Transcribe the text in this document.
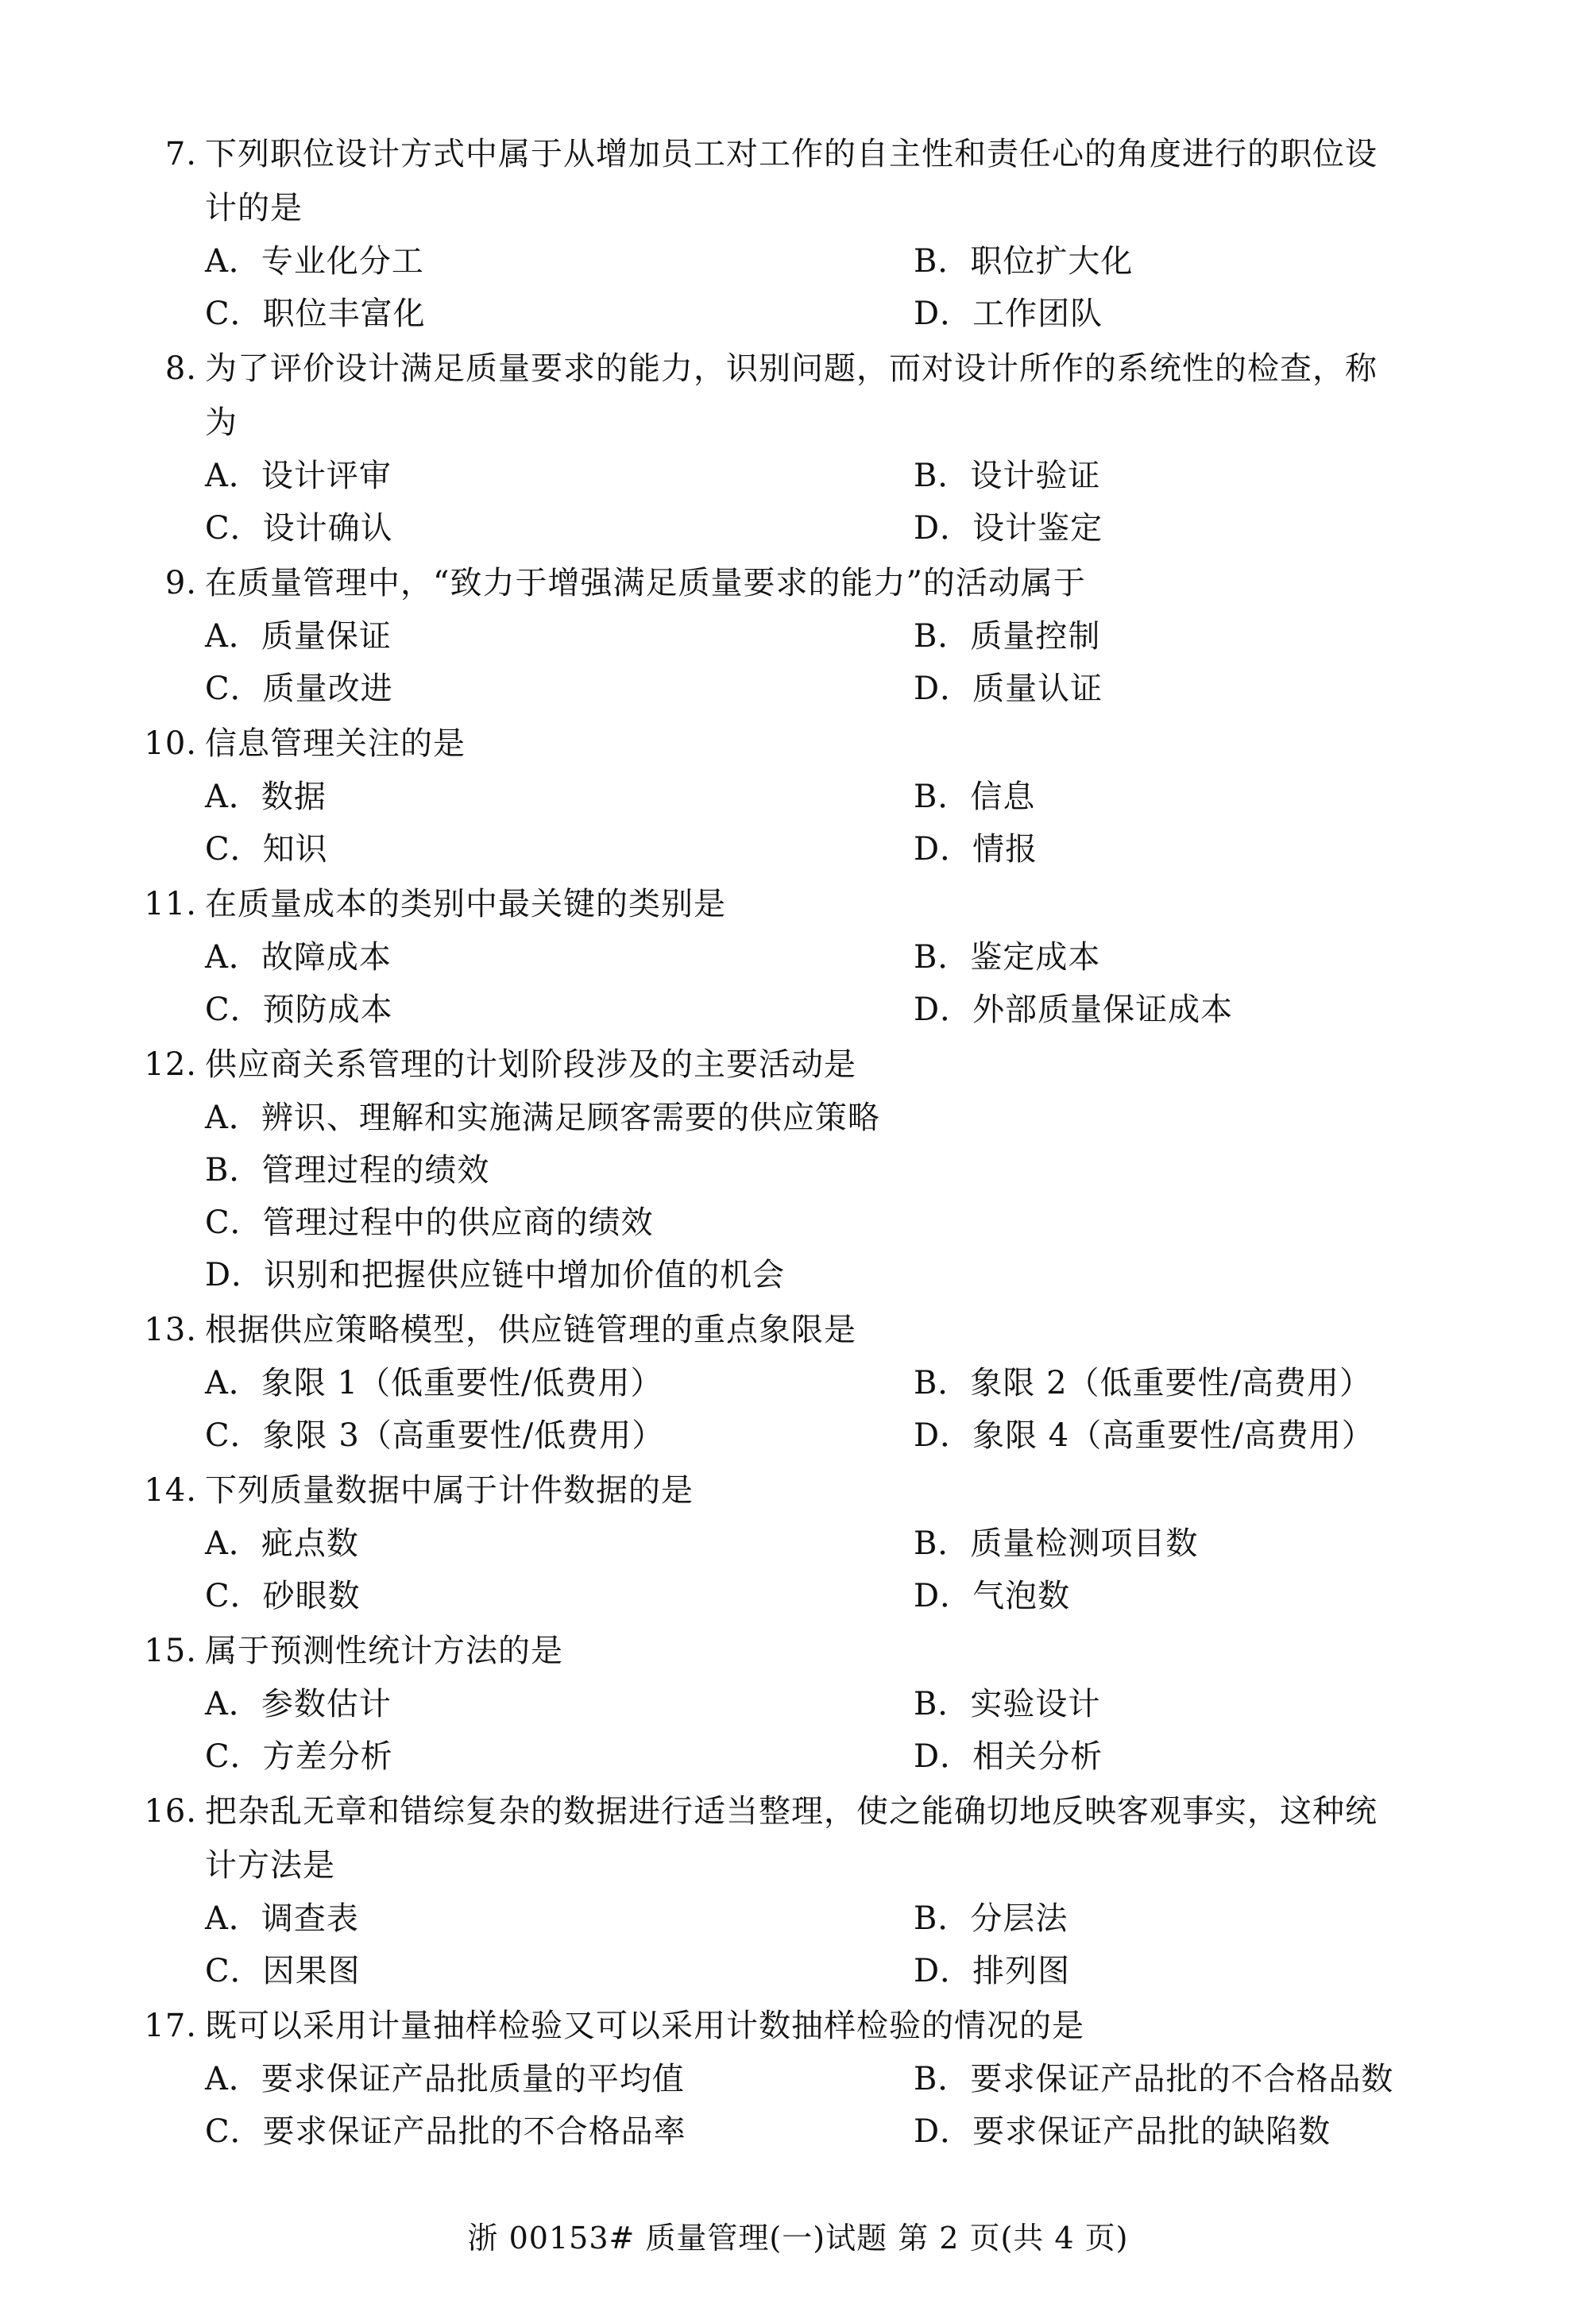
7. 下列职位设计方式中属于从增加员工对工作的自主性和责任心的角度进行的职位设
计的是
A．专业化分工	B．职位扩大化
C．职位丰富化	D．工作团队
8. 为了评价设计满足质量要求的能力，识别问题，而对设计所作的系统性的检查，称
为
A．设计评审	B．设计验证
C．设计确认	D．设计鉴定
9. 在质量管理中，“致力于增强满足质量要求的能力”的活动属于
A．质量保证	B．质量控制
C．质量改进	D．质量认证
10. 信息管理关注的是
A．数据	B．信息
C．知识	D．情报
11. 在质量成本的类别中最关键的类别是
A．故障成本	B．鉴定成本
C．预防成本	D．外部质量保证成本
12. 供应商关系管理的计划阶段涉及的主要活动是
A．辨识、理解和实施满足顾客需要的供应策略
B．管理过程的绩效
C．管理过程中的供应商的绩效
D．识别和把握供应链中增加价值的机会
13. 根据供应策略模型，供应链管理的重点象限是
A．象限 1（低重要性/低费用）	B．象限 2（低重要性/高费用）
C．象限 3（高重要性/低费用）	D．象限 4（高重要性/高费用）
14. 下列质量数据中属于计件数据的是
A．疵点数	B．质量检测项目数
C．砂眼数	D．气泡数
15. 属于预测性统计方法的是
A．参数估计	B．实验设计
C．方差分析	D．相关分析
16. 把杂乱无章和错综复杂的数据进行适当整理，使之能确切地反映客观事实，这种统
计方法是
A．调查表	B．分层法
C．因果图	D．排列图
17. 既可以采用计量抽样检验又可以采用计数抽样检验的情况的是
A．要求保证产品批质量的平均值	B．要求保证产品批的不合格品数
C．要求保证产品批的不合格品率	D．要求保证产品批的缺陷数
浙 00153# 质量管理(一)试题 第 2 页(共 4 页)
